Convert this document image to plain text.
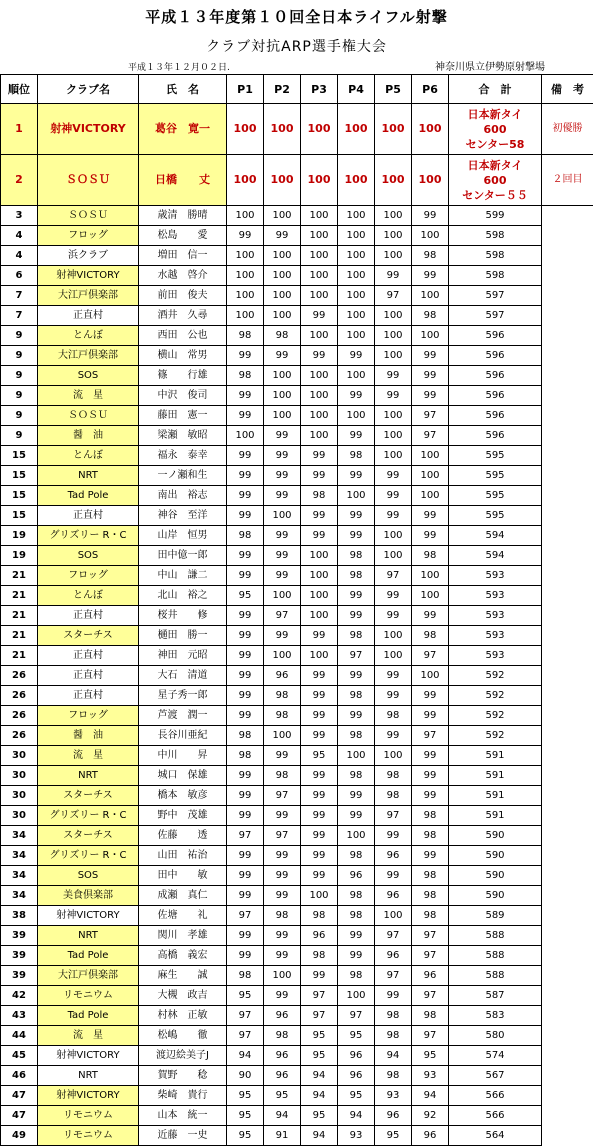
平成１３年度第１０回全日本ライフル射撃
クラブ対抗ARP選手権大会
平成１３年１２月０２日.	神奈川県立伊勢原射撃場
順位	クラブ名	氏　名	P1	P2	P3	P4	P5	P6	合　計	備　考
1	射神VICTORY	葛谷　寛一	100	100	100	100	100	100	日本新タイ
600
センター58	初優勝
2	ＳＯＳＵ	日橋　　丈	100	100	100	100	100	100	日本新タイ
600
センター５５	２回目
3	ＳＯＳＵ	歳清　勝晴	100	100	100	100	100	99	599	
4	フロッグ	松島　　愛	99	99	100	100	100	100	598	
4	浜クラブ	増田　信一	100	100	100	100	100	98	598	
6	射神VICTORY	水越　啓介	100	100	100	100	99	99	598	
7	大江戸倶楽部	前田　俊夫	100	100	100	100	97	100	597	
7	正直村	酒井　久尋	100	100	99	100	100	98	597	
9	とんぼ	西田　公也	98	98	100	100	100	100	596	
9	大江戸倶楽部	横山　常男	99	99	99	99	100	99	596	
9	SOS	篠　　行雄	98	100	100	100	99	99	596	
9	流　星	中沢　俊司	99	100	100	99	99	99	596	
9	ＳＯＳＵ	藤田　憲一	99	100	100	100	100	97	596	
9	醤　油	梁瀬　敏昭	100	99	100	99	100	97	596	
15	とんぼ	福永　泰幸	99	99	99	98	100	100	595	
15	NRT	一ノ瀬和生	99	99	99	99	99	100	595	
15	Tad Pole	南出　裕志	99	99	98	100	99	100	595	
15	正直村	神谷　至洋	99	100	99	99	99	99	595	
19	グリズリー R・C	山岸　恒男	98	99	99	99	100	99	594	
19	SOS	田中億一郎	99	99	100	98	100	98	594	
21	フロッグ	中山　謙二	99	99	100	98	97	100	593	
21	とんぼ	北山　裕之	95	100	100	99	99	100	593	
21	正直村	桜井　　修	99	97	100	99	99	99	593	
21	スターチス	樋田　勝一	99	99	99	98	100	98	593	
21	正直村	神田　元昭	99	100	100	97	100	97	593	
26	正直村	大石　清道	99	96	99	99	99	100	592	
26	正直村	星子秀一郎	99	98	99	98	99	99	592	
26	フロッグ	芦渡　潤一	99	98	99	99	98	99	592	
26	醤　油	長谷川亜紀	98	100	99	98	99	97	592	
30	流　星	中川　　昇	98	99	95	100	100	99	591	
30	NRT	城口　保雄	99	98	99	98	98	99	591	
30	スターチス	橋本　敏彦	99	97	99	99	98	99	591	
30	グリズリー R・C	野中　茂雄	99	99	99	99	97	98	591	
34	スターチス	佐藤　　透	97	97	99	100	99	98	590	
34	グリズリー R・C	山田　祐治	99	99	99	98	96	99	590	
34	SOS	田中　　敏	99	99	99	96	99	98	590	
34	美食倶楽部	成瀬　真仁	99	99	100	98	96	98	590	
38	射神VICTORY	佐塘　　礼	97	98	98	98	100	98	589	
39	NRT	関川　孝雄	99	99	96	99	97	97	588	
39	Tad Pole	高橋　義宏	99	99	98	99	96	97	588	
39	大江戸倶楽部	麻生　　誠	98	100	99	98	97	96	588	
42	リモニウム	大槻　政吉	95	99	97	100	99	97	587	
43	Tad Pole	村林　正敏	97	96	97	97	98	98	583	
44	流　星	松嶋　　徹	97	98	95	95	98	97	580	
45	射神VICTORY	渡辺絵美子J	94	96	95	96	94	95	574	
46	NRT	賀野　　稔	90	96	94	96	98	93	567	
47	射神VICTORY	柴崎　貴行	95	95	94	95	93	94	566	
47	リモニウム	山本　統一	95	94	95	94	96	92	566	
49	リモニウム	近藤　一史	95	91	94	93	95	96	564	
